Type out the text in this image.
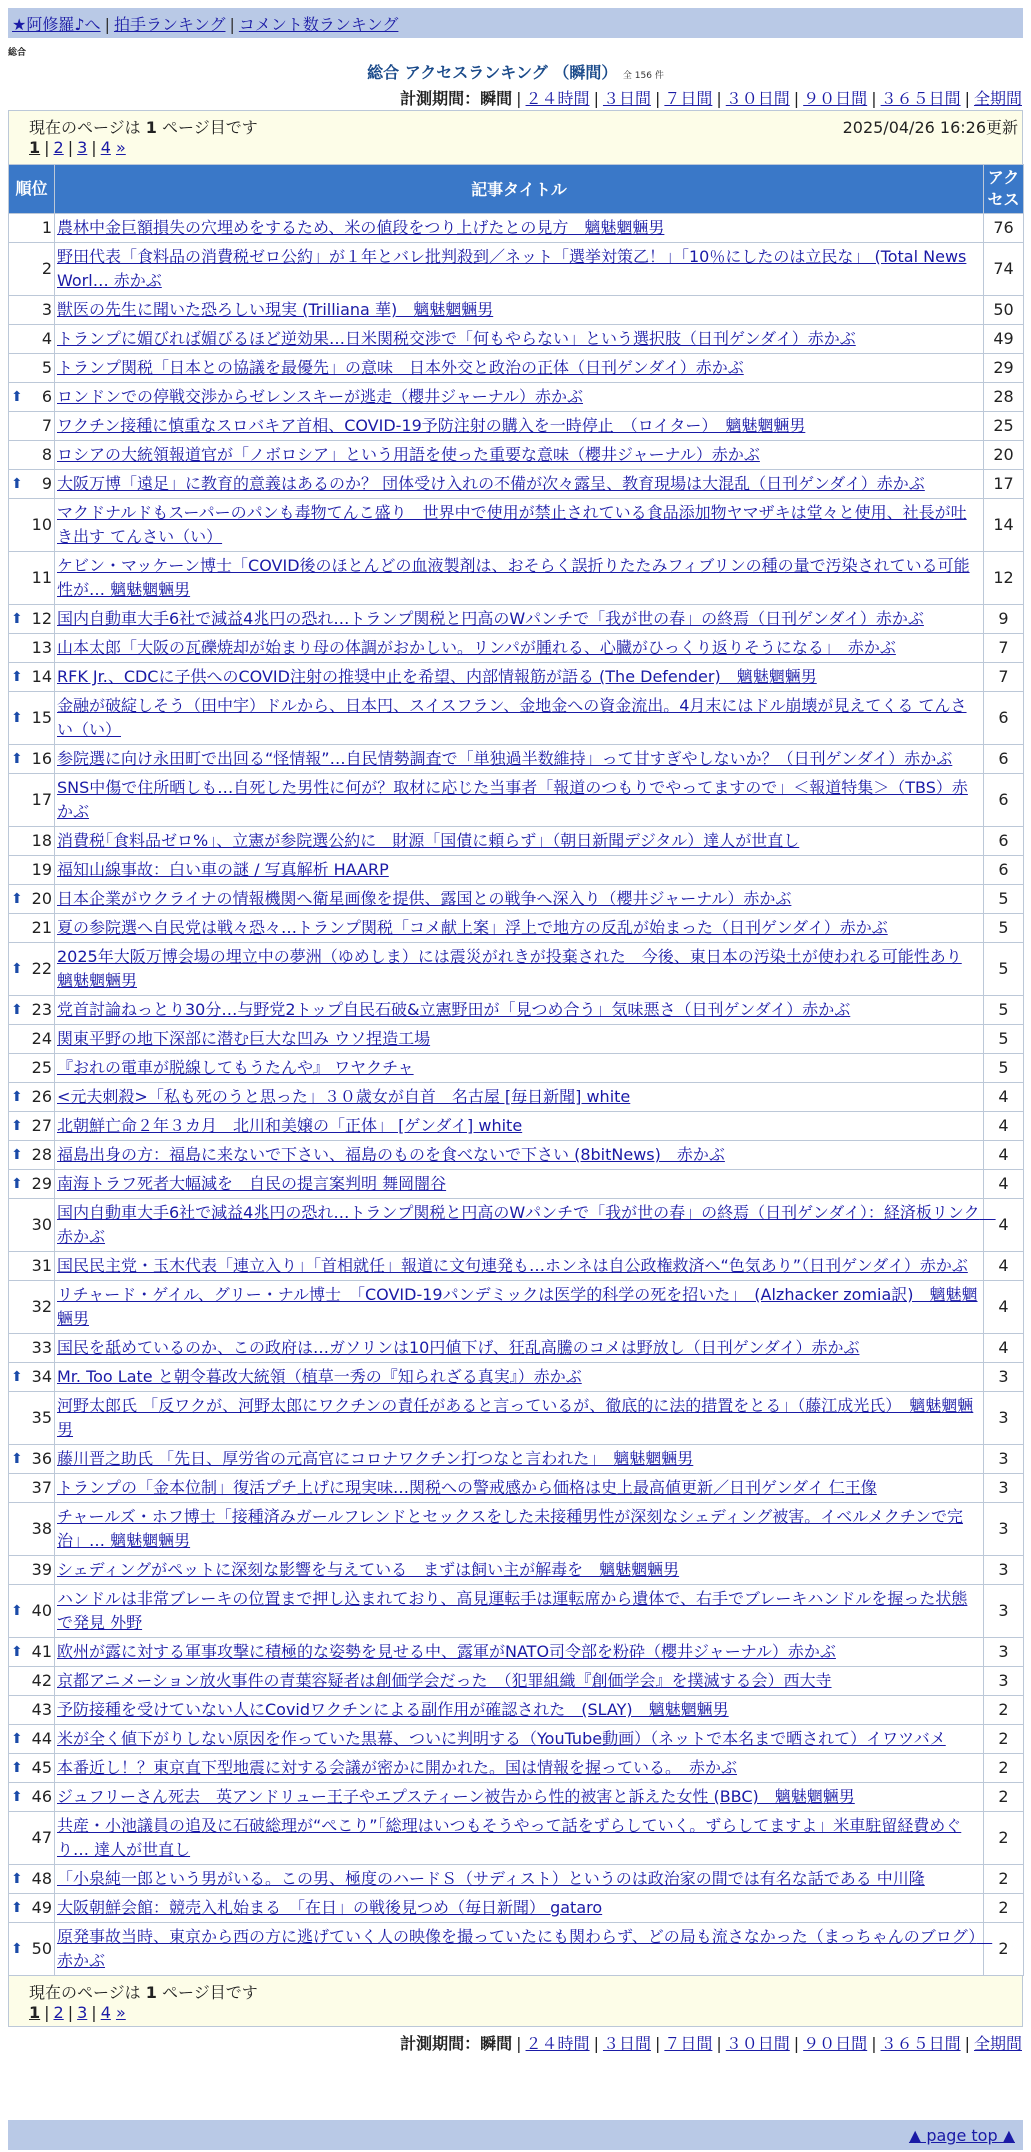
★阿修羅♪へ | 拍手ランキング | コメント数ランキング
総合
総合 アクセスランキング （瞬間） 全 156 件
計測期間：瞬間 | ２４時間 | ３日間 | ７日間 | ３０日間 | ９０日間 | ３６５日間 | 全期間
現在のページは 1 ページ目です	2025/04/26 16:26更新
1 | 2 | 3 | 4 »
順位	記事タイトル	アクセス
1	農林中金巨額損失の穴埋めをするため、米の値段をつり上げたとの見方　魑魅魍魎男	76
2	野田代表「食料品の消費税ゼロ公約」が１年とバレ批判殺到／ネット「選挙対策乙！」「10％にしたのは立民な」 (Total News Worl… 赤かぶ	74
3	獣医の先生に聞いた恐ろしい現実 (Trilliana 華)　魑魅魍魎男	50
4	トランプに媚びれば媚びるほど逆効果…日米関税交渉で「何もやらない」という選択肢（日刊ゲンダイ）赤かぶ	49
5	トランプ関税「日本との協議を最優先」の意味　日本外交と政治の正体（日刊ゲンダイ）赤かぶ	29

⬆ 6	ロンドンでの停戦交渉からゼレンスキーが逃走（櫻井ジャーナル）赤かぶ	28
7	ワクチン接種に慎重なスロバキア首相、COVID-19予防注射の購入を一時停止　（ロイター）　魑魅魍魎男	25
8	ロシアの大統領報道官が「ノボロシア」という用語を使った重要な意味（櫻井ジャーナル）赤かぶ	20

⬆ 9	大阪万博「遠足」に教育的意義はあるのか？ 団体受け入れの不備が次々露呈、教育現場は大混乱（日刊ゲンダイ）赤かぶ	17
10	マクドナルドもスーパーのパンも毒物てんこ盛り　世界中で使用が禁止されている食品添加物ヤマザキは堂々と使用、社長が吐き出す てんさい（い）	14
11	ケビン・マッケーン博士「COVID後のほとんどの血液製剤は、おそらく誤折りたたみフィブリンの種の量で汚染されている可能性が… 魑魅魍魎男	12

⬆ 12	国内自動車大手6社で減益4兆円の恐れ…トランプ関税と円高のWパンチで「我が世の春」の終焉（日刊ゲンダイ）赤かぶ	9
13	山本太郎「大阪の瓦礫焼却が始まり母の体調がおかしい。リンパが腫れる、心臓がひっくり返りそうになる」　赤かぶ	7

⬆ 14	RFK Jr.、CDCに子供へのCOVID注射の推奨中止を希望、内部情報筋が語る (The Defender)　魑魅魍魎男	7

⬆ 15	金融が破綻しそう（田中宇）ドルから、日本円、スイスフラン、金地金への資金流出。4月末にはドル崩壊が見えてくる てんさい（い）	6

⬆ 16	参院選に向け永田町で出回る“怪情報”…自民情勢調査で「単独過半数維持」って甘すぎやしないか？（日刊ゲンダイ）赤かぶ	6
17	SNS中傷で住所晒しも…自死した男性に何が？取材に応じた当事者「報道のつもりでやってますので」＜報道特集＞（TBS）赤かぶ	6
18	消費税｢食料品ゼロ%｣、立憲が参院選公約に　財源「国債に頼らず」（朝日新聞デジタル）達人が世直し	6
19	福知山線事故：白い車の謎 / 写真解析 HAARP	6

⬆ 20	日本企業がウクライナの情報機関へ衛星画像を提供、露国との戦争へ深入り（櫻井ジャーナル）赤かぶ	5
21	夏の参院選へ自民党は戦々恐々…トランプ関税「コメ献上案」浮上で地方の反乱が始まった（日刊ゲンダイ）赤かぶ	5

⬆ 22	2025年大阪万博会場の埋立中の夢洲（ゆめしま）には震災がれきが投棄された　今後、東日本の汚染土が使われる可能性あり 魑魅魍魎男	5

⬆ 23	党首討論ねっとり30分…与野党2トップ自民石破&立憲野田が「見つめ合う」気味悪さ（日刊ゲンダイ）赤かぶ	5
24	関東平野の地下深部に潜む巨大な凹み ウソ捏造工場	5
25	『おれの電車が脱線してもうたんや』 ワヤクチャ	5

⬆ 26	<元夫刺殺>「私も死のうと思った」３０歳女が自首　名古屋 [毎日新聞] white	4

⬆ 27	北朝鮮亡命２年３カ月　北川和美嬢の「正体」 [ゲンダイ] white	4

⬆ 28	福島出身の方：福島に来ないで下さい、福島のものを食べないで下さい (8bitNews)　赤かぶ	4

⬆ 29	南海トラフ死者大幅減を　自民の提言案判明 舞岡闇谷	4
30	国内自動車大手6社で減益4兆円の恐れ…トランプ関税と円高のWパンチで「我が世の春」の終焉（日刊ゲンダイ）：経済板リンク　赤かぶ	4
31	国民民主党・玉木代表「連立入り」「首相就任」報道に文句連発も…ホンネは自公政権救済へ“色気あり”（日刊ゲンダイ）赤かぶ	4
32	リチャード・ゲイル、グリー・ナル博士　「COVID-19パンデミックは医学的科学の死を招いた」　(Alzhacker zomia訳)　魑魅魍魎男	4
33	国民を舐めているのか、この政府は…ガソリンは10円値下げ、狂乱高騰のコメは野放し（日刊ゲンダイ）赤かぶ	4

⬆ 34	Mr. Too Late と朝令暮改大統領（植草一秀の『知られざる真実』）赤かぶ	3
35	河野太郎氏 「反ワクが、河野太郎にワクチンの責任があると言っているが、徹底的に法的措置をとる」（藤江成光氏）　魑魅魍魎男	3

⬆ 36	藤川晋之助氏 「先日、厚労省の元高官にコロナワクチン打つなと言われた」　魑魅魍魎男	3
37	トランプの「金本位制」復活プチ上げに現実味…関税への警戒感から価格は史上最高値更新／日刊ゲンダイ 仁王像	3
38	チャールズ・ホフ博士「接種済みガールフレンドとセックスをした未接種男性が深刻なシェディング被害。イベルメクチンで完治」… 魑魅魍魎男	3
39	シェディングがペットに深刻な影響を与えている　まずは飼い主が解毒を　魑魅魍魎男	3

⬆ 40	ハンドルは非常ブレーキの位置まで押し込まれており、高見運転手は運転席から遺体で、右手でブレーキハンドルを握った状態で発見 外野	3

⬆ 41	欧州が露に対する軍事攻撃に積極的な姿勢を見せる中、露軍がNATO司令部を粉砕（櫻井ジャーナル）赤かぶ	3
42	京都アニメーション放火事件の青葉容疑者は創価学会だった　（犯罪組織『創価学会』を撲滅する会）西大寺	3
43	予防接種を受けていない人にCovidワクチンによる副作用が確認された　(SLAY)　魑魅魍魎男	2

⬆ 44	米が全く値下がりしない原因を作っていた黒幕、ついに判明する（YouTube動画）（ネットで本名まで晒されて）イワツバメ	2

⬆ 45	本番近し！？東京直下型地震に対する会議が密かに開かれた。国は情報を握っている。　赤かぶ	2

⬆ 46	ジュフリーさん死去　英アンドリュー王子やエプスティーン被告から性的被害と訴えた女性 (BBC)　魑魅魍魎男	2
47	共産・小池議員の追及に石破総理が“ぺこり”「総理はいつもそうやって話をずらしていく。ずらしてますよ」米車駐留経費めぐり… 達人が世直し	2

⬆ 48	「小泉純一郎という男がいる。この男、極度のハードＳ（サディスト）というのは政治家の間では有名な話である 中川隆	2

⬆ 49	大阪朝鮮会館：競売入札始まる　「在日」の戦後見つめ（毎日新聞） gataro	2

⬆ 50	原発事故当時、東京から西の方に逃げていく人の映像を撮っていたにも関わらず、どの局も流さなかった（まっちゃんのブログ）　赤かぶ	2
現在のページは 1 ページ目です
1 | 2 | 3 | 4 »
計測期間：瞬間 | ２４時間 | ３日間 | ７日間 | ３０日間 | ９０日間 | ３６５日間 | 全期間
▲ page top ▲
